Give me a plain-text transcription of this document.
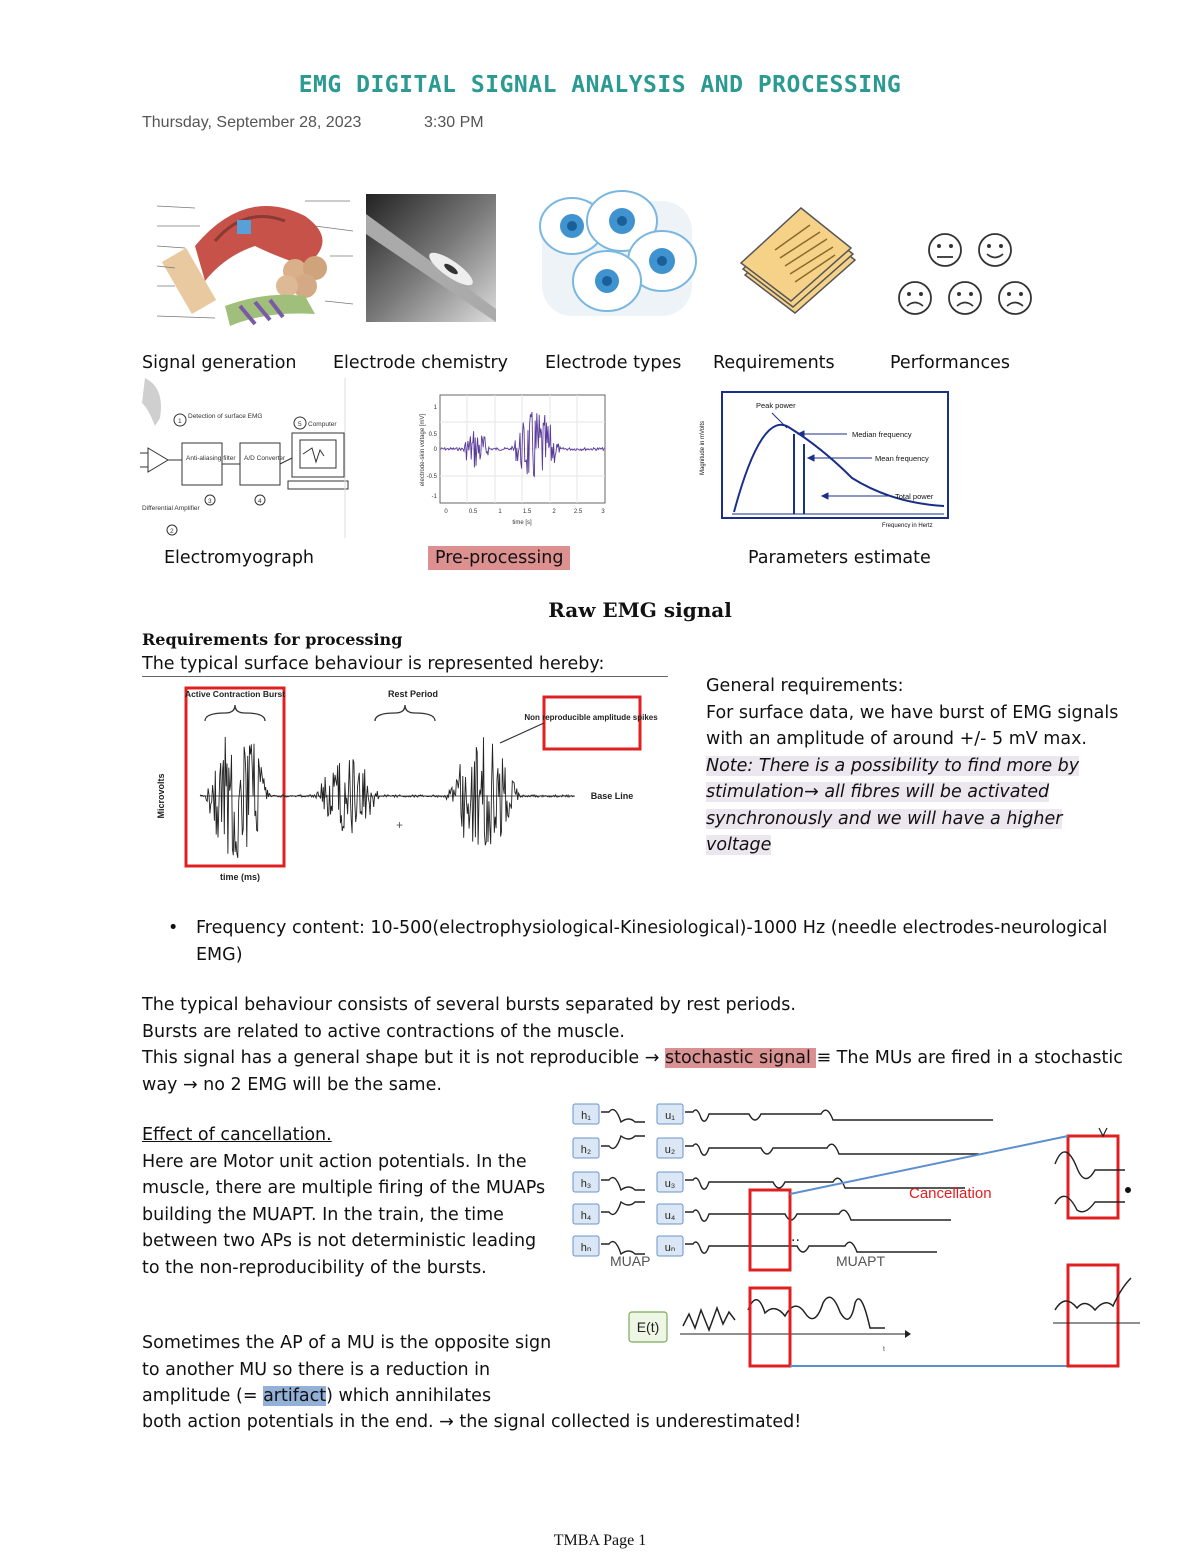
EMG DIGITAL SIGNAL ANALYSIS AND PROCESSING
Thursday, September 28, 2023	3:30 PM
Signal generation Electrode chemistry Electrode types Requirements	Performances
Detection of surface EMG
Anti-aliasing filter A/D Converter
Computer
Differential Amplifier
1
2
3	4
5
1
0.5
0
-0.5
-1
0	0.5	1	1.5	2	2.5	3
time [s]
electrode-skin voltage [mV]
Peak power
Median frequency
Mean frequency
Total power
Frequency in Hertz
Magnitude in mVolts
Electromyograph	Pre-processing	Parameters estimate
Raw EMG signal
Requirements for processing
The typical surface behaviour is represented hereby:
+
Active Contraction Burst	Rest Period
Non reproducible amplitude spikes
Base Line
time (ms)
Microvolts
General requirements:
For surface data, we have burst of EMG signals with an amplitude of around +/- 5 mV max.
Note: There is a possibility to find more by stimulation→ all fibres will be activated synchronously and we will have a higher voltage
• Frequency content: 10-500(electrophysiological-Kinesiological)-1000 Hz (needle electrodes-neurological EMG)
The typical behaviour consists of several bursts separated by rest periods.
Bursts are related to active contractions of the muscle.
This signal has a general shape but it is not reproducible → stochastic signal ≡ The MUs are fired in a stochastic way → no 2 EMG will be the same.
Effect of cancellation.
Here are Motor unit action potentials. In the muscle, there are multiple firing of the MUAPs building the MUAPT. In the train, the time between two APs is not deterministic leading to the non-reproducibility of the bursts.
Sometimes the AP of a MU is the opposite sign to another MU so there is a reduction in amplitude (= artifact) which annihilates
both action potentials in the end. → the signal collected is underestimated!
h₁	u₁
h₂	u₂
h₃	u₃
h₄	u₄
hₙ	uₙ
MUAP	MUAPT
..
Cancellation
E(t)
t
TMBA Page 1
